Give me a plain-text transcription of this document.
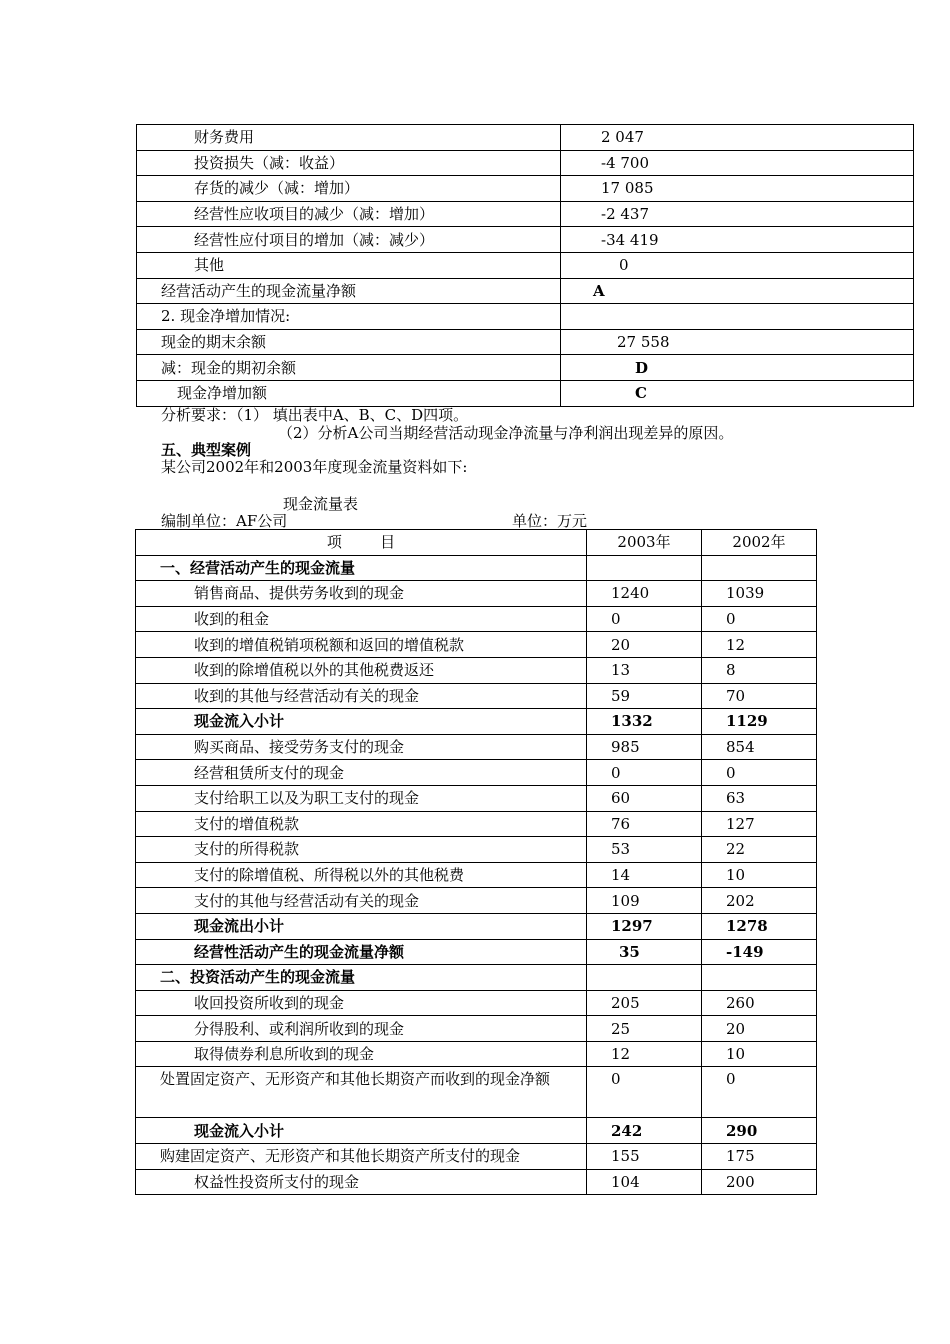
财务费用	2 047
投资损失（减：收益）	-4 700
存货的减少（减：增加）	17 085
经营性应收项目的减少（减：增加）	-2 437
经营性应付项目的增加（减：减少）	-34 419
其他	0
经营活动产生的现金流量净额	A
2. 现金净增加情况:	
现金的期末余额	27 558
减：现金的期初余额	D
现金净增加额	C
分析要求：（1） 填出表中A、B、C、D四项。
（2）分析A公司当期经营活动现金净流量与净利润出现差异的原因。
五、典型案例
某公司2002年和2003年度现金流量资料如下:
现金流量表
编制单位：AF公司	单位：万元
项        目	2003年	2002年
一、经营活动产生的现金流量		
销售商品、提供劳务收到的现金	1240	1039
收到的租金	0	0
收到的增值税销项税额和返回的增值税款	20	12
收到的除增值税以外的其他税费返还	13	8
收到的其他与经营活动有关的现金	59	70
现金流入小计	1332	1129
购买商品、接受劳务支付的现金	985	854
经营租赁所支付的现金	0	0
支付给职工以及为职工支付的现金	60	63
支付的增值税款	76	127
支付的所得税款	53	22
支付的除增值税、所得税以外的其他税费	14	10
支付的其他与经营活动有关的现金	109	202
现金流出小计	1297	1278
经营性活动产生的现金流量净额	35	-149
二、投资活动产生的现金流量		
收回投资所收到的现金	205	260
分得股利、或利润所收到的现金	25	20
取得债券利息所收到的现金	12	10
处置固定资产、无形资产和其他长期资产而收到的现金净额	0	0
现金流入小计	242	290
购建固定资产、无形资产和其他长期资产所支付的现金	155	175
权益性投资所支付的现金	104	200
